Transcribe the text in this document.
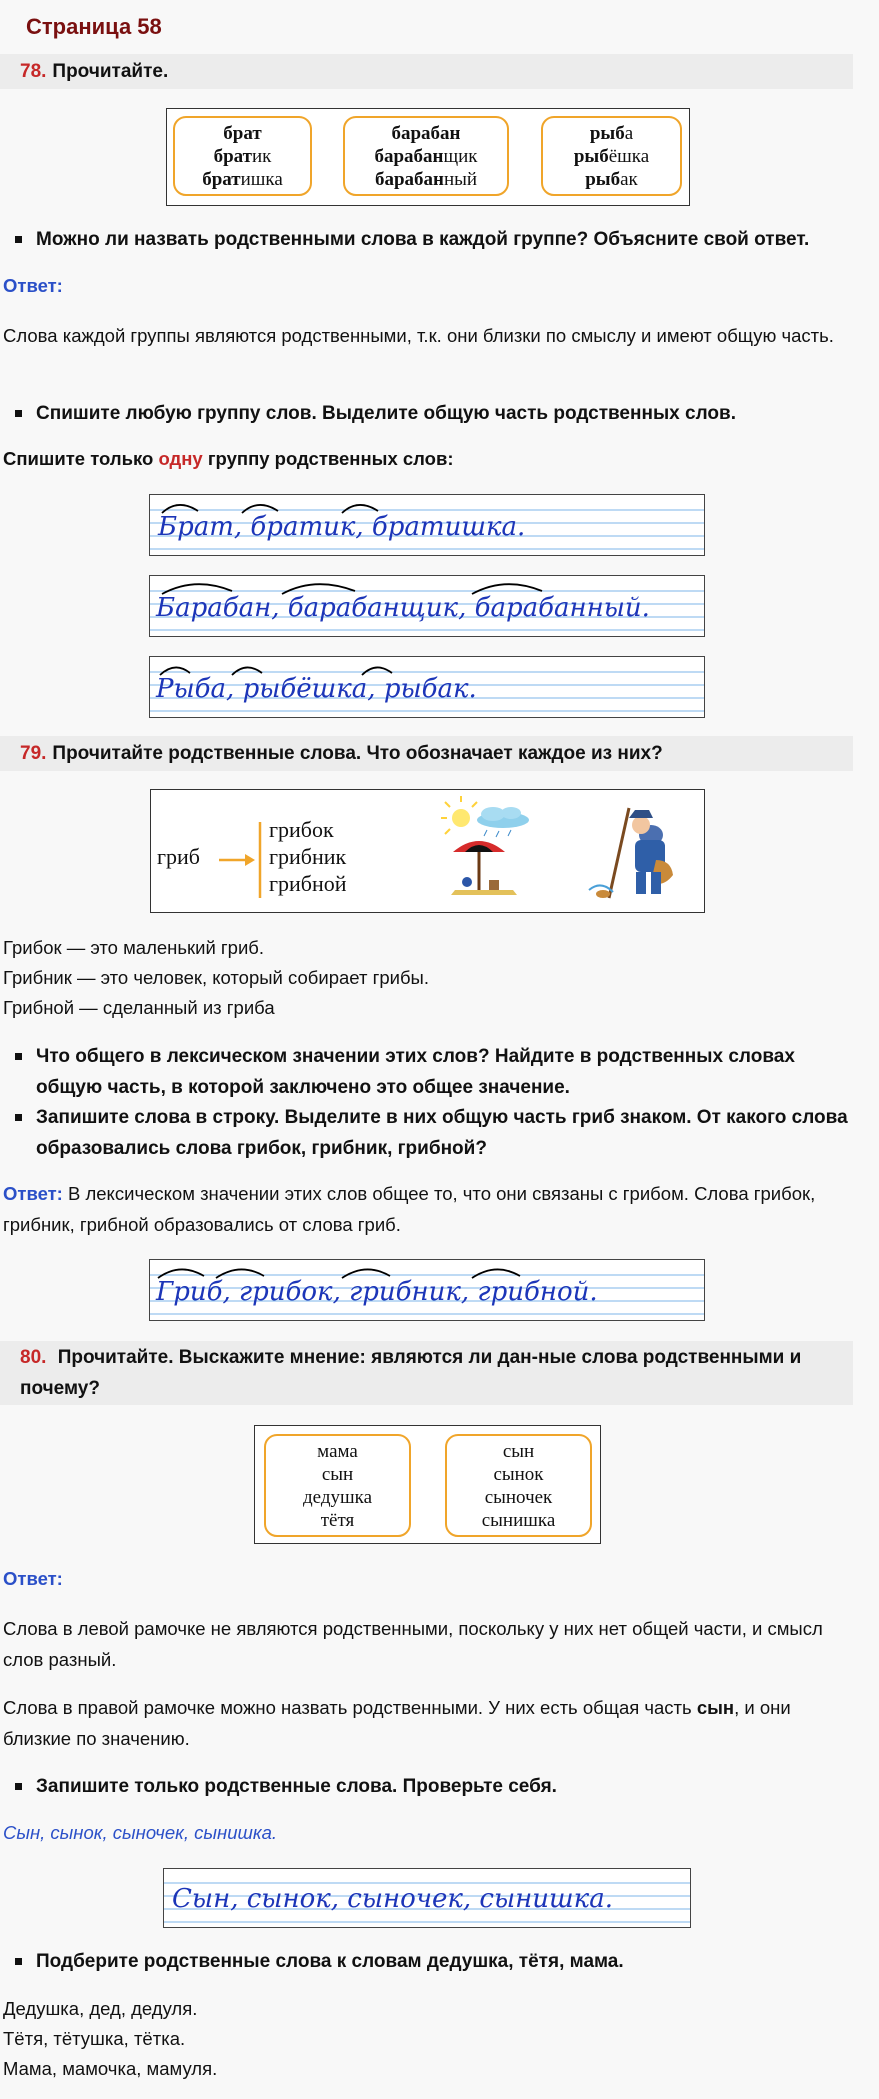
Страница 58
78. Прочитайте.
брат
братик
братишка
барабан
барабанщик
барабанный
рыба
рыбёшка
рыбак
Можно ли назвать родственными слова в каждой группе? Объясните свой ответ.
Ответ:
Слова каждой группы являются родственными, т.к. они близки по смыслу и имеют общую часть.
Спишите любую группу слов. Выделите общую часть родственных слов.
Спишите только одну группу родственных слов:
Брат, братик, братишка.
Барабан, барабанщик, барабанный.
Рыба, рыбёшка, рыбак.
79. Прочитайте родственные слова. Что обозначает каждое из них?
гриб
грибок
грибник
грибной
Грибок — это маленький гриб.
Грибник — это человек, который собирает грибы.
Грибной — сделанный из гриба
Что общего в лексическом значении этих слов? Найдите в родственных словах общую часть, в которой заключено это общее значение.
Запишите слова в строку. Выделите в них общую часть гриб знаком. От какого слова образовались слова грибок, грибник, грибной?
Ответ: В лексическом значении этих слов общее то, что они связаны с грибом. Слова грибок, грибник, грибной образовались от слова гриб.
Гриб, грибок, грибник, грибной.
80. Прочитайте. Выскажите мнение: являются ли дан-ные слова родственными и почему?
мама
сын
дедушка
тётя
сын
сынок
сыночек
сынишка
Ответ:
Слова в левой рамочке не являются родственными, поскольку у них нет общей части, и смысл слов разный.
Слова в правой рамочке можно назвать родственными. У них есть общая часть сын, и они близкие по значению.
Запишите только родственные слова. Проверьте себя.
Сын, сынок, сыночек, сынишка.
Сын, сынок, сыночек, сынишка.
Подберите родственные слова к словам дедушка, тётя, мама.
Дедушка, дед, дедуля.
Тётя, тётушка, тётка.
Мама, мамочка, мамуля.
